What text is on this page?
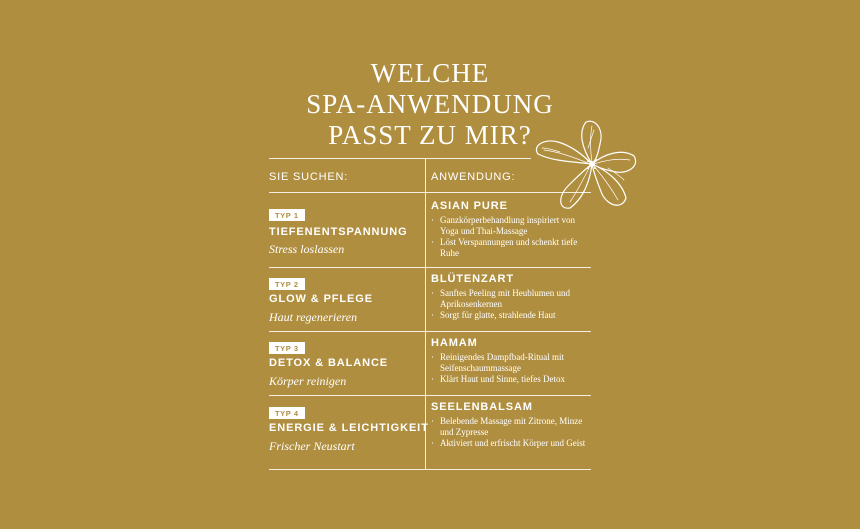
WELCHE
SPA-ANWENDUNG
PASST ZU MIR?
SIE SUCHEN:	ANWENDUNG:
TYP 1
TIEFENENTSPANNUNG
Stress loslassen
ASIAN PURE
· Ganzkörperbehandlung inspiriert von Yoga und Thai-Massage
· Löst Verspannungen und schenkt tiefe Ruhe
TYP 2
GLOW & PFLEGE
Haut regenerieren
BLÜTENZART
· Sanftes Peeling mit Heublumen und Aprikosenkernen
· Sorgt für glatte, strahlende Haut
TYP 3
DETOX & BALANCE
Körper reinigen
HAMAM
· Reinigendes Dampfbad-Ritual mit Seifenschaummassage
· Klärt Haut und Sinne, tiefes Detox
TYP 4
ENERGIE & LEICHTIGKEIT
Frischer Neustart
SEELENBALSAM
· Belebende Massage mit Zitrone, Minze und Zypresse
· Aktiviert und erfrischt Körper und Geist
